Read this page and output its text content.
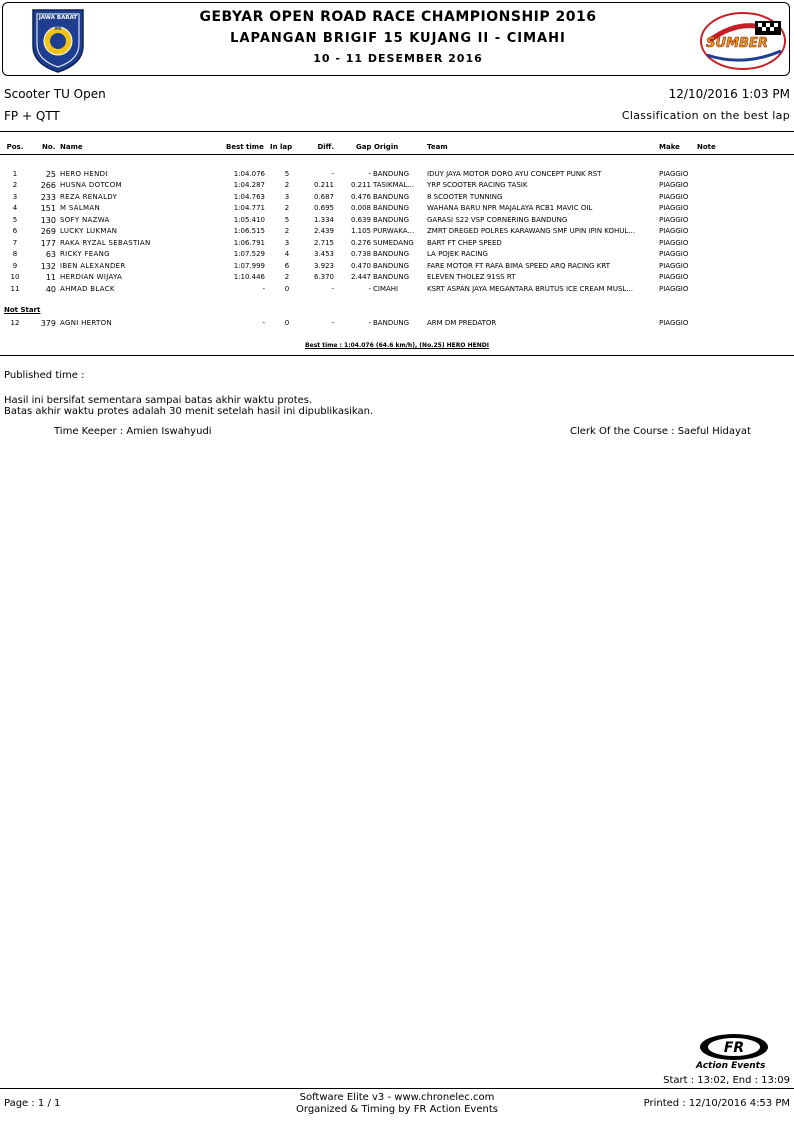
JAWA BARAT
IMI
GEBYAR OPEN ROAD RACE CHAMPIONSHIP 2016
LAPANGAN BRIGIF 15 KUJANG II - CIMAHI
10 - 11 DESEMBER 2016
SUMBER
Scooter TU Open	12/10/2016 1:03 PM
FP + QTT	Classification on the best lap
Pos.	No. Name	Best time In lap	Diff.	Gap Origin	Team	Make	Note
1	25 HERO HENDI	1:04.076	5	-	- BANDUNG	IDUY JAYA MOTOR DORO AYU CONCEPT PUNK RST	PIAGGIO
2	266 HUSNA DOTCOM	1:04.287	2	0.211	0.211 TASIKMAL...	YRP SCOOTER RACING TASIK	PIAGGIO
3	233 REZA RENALDY	1:04.763	3	0.687	0.476 BANDUNG	8 SCOOTER TUNNING	PIAGGIO
4	151 M SALMAN	1:04.771	2	0.695	0.008 BANDUNG	WAHANA BARU NPR MAJALAYA RCB1 MAVIC OIL	PIAGGIO
5	130 SOFY NAZWA	1:05.410	5	1.334	0.639 BANDUNG	GARASI S22 VSP CORNERING BANDUNG	PIAGGIO
6	269 LUCKY LUKMAN	1:06.515	2	2.439	1.105 PURWAKA...	ZMRT DREGED POLRES KARAWANG SMF UPIN IPIN KOHUL...	PIAGGIO
7	177 RAKA RYZAL SEBASTIAN	1:06.791	3	2.715	0.276 SUMEDANG	BART FT CHEP SPEED	PIAGGIO
8	63 RICKY FEANG	1:07.529	4	3.453	0.738 BANDUNG	LA POJEK RACING	PIAGGIO
9	132 IBEN ALEXANDER	1:07.999	6	3.923	0.470 BANDUNG	FARE MOTOR FT RAFA BIMA SPEED ARQ RACING KRT	PIAGGIO
10	11 HERDIAN WIJAYA	1:10.446	2	6.370	2.447 BANDUNG	ELEVEN THOLEZ 91SS RT	PIAGGIO
11	40 AHMAD BLACK	-	0	-	- CIMAHI	KSRT ASPAN JAYA MEGANTARA BRUTUS ICE CREAM MUSL...	PIAGGIO
Not Start
12	379 AGNI HERTON	-	0	-	- BANDUNG	ARM DM PREDATOR	PIAGGIO
Best time : 1:04.076 (64.6 km/h), (No.25) HERO HENDI
Published time :
Hasil ini bersifat sementara sampai batas akhir waktu protes.
Batas akhir waktu protes adalah 30 menit setelah hasil ini dipublikasikan.
Time Keeper : Amien Iswahyudi	Clerk Of the Course : Saeful Hidayat
FR
Action Events
Start : 13:02, End : 13:09
Page : 1 / 1
Software Elite v3 - www.chronelec.com
Organized & Timing by FR Action Events
Printed : 12/10/2016 4:53 PM
